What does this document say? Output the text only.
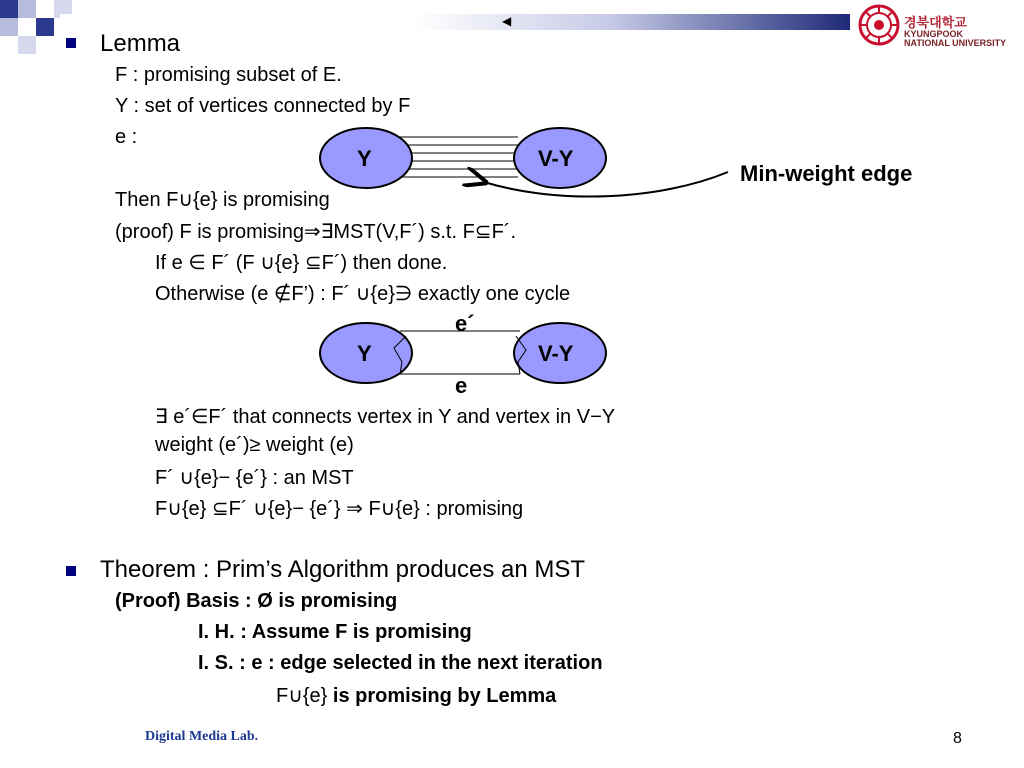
◀	경북대학교
KYUNGPOOK
NATIONAL UNIVERSITY
Lemma
F : promising subset of E.
Y : set of vertices connected by F
e :
Y	V-Y
Min-weight edge
Then F∪{e} is promising
(proof) F is promising⇒∃MST(V,F´) s.t. F⊆F´.
If e ∈ F´ (F ∪{e} ⊆F´) then done.
Otherwise (e ∉F’) : F´ ∪{e}∋ exactly one cycle
e´
Y	V-Y
e
∃ e´∈F´ that connects vertex in Y and vertex in V−Y
weight (e´)≥ weight (e)
F´ ∪{e}− {e´} : an MST
F∪{e} ⊆F´ ∪{e}− {e´} ⇒ F∪{e} : promising
Theorem : Prim’s Algorithm produces an MST
(Proof) Basis : Ø is promising
I. H. : Assume F is promising
I. S. : e : edge selected in the next iteration
F∪{e} is promising by Lemma
Digital Media Lab.	8
